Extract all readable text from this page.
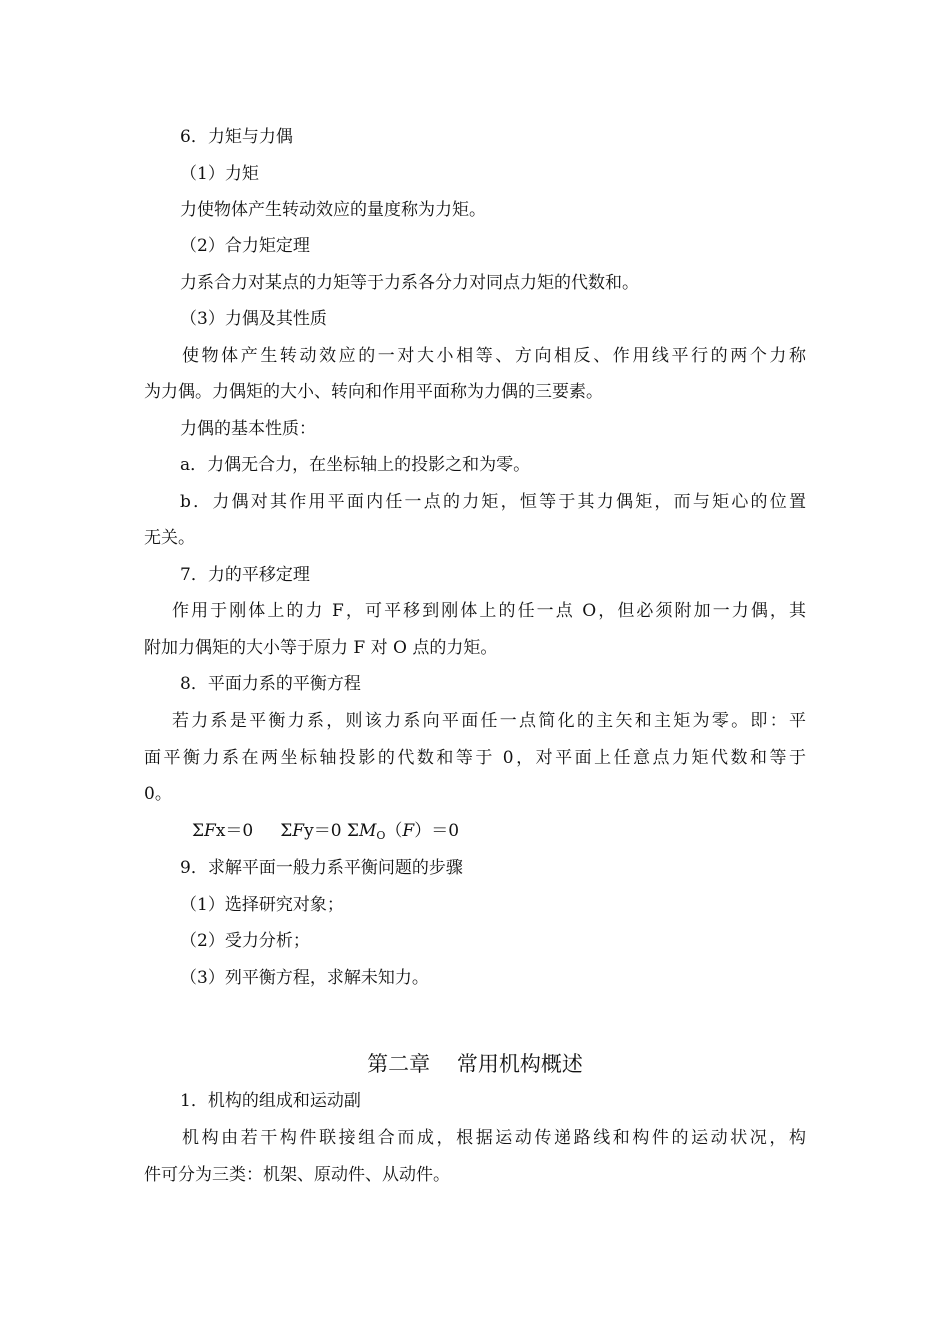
6．力矩与力偶

（1）力矩

力使物体产生转动效应的量度称为力矩。

（2）合力矩定理

力系合力对某点的力矩等于力系各分力对同点力矩的代数和。

（3）力偶及其性质

使物体产生转动效应的一对大小相等、方向相反、作用线平行的两个力称

为力偶。力偶矩的大小、转向和作用平面称为力偶的三要素。

力偶的基本性质：

a．力偶无合力，在坐标轴上的投影之和为零。

b．力偶对其作用平面内任一点的力矩，恒等于其力偶矩，而与矩心的位置

无关。

7．力的平移定理

作用于刚体上的力 F，可平移到刚体上的任一点 O，但必须附加一力偶，其

附加力偶矩的大小等于原力 F 对 O 点的力矩。

8．平面力系的平衡方程

若力系是平衡力系，则该力系向平面任一点简化的主矢和主矩为零。即：平

面平衡力系在两坐标轴投影的代数和等于 0，对平面上任意点力矩代数和等于

0。

ΣFx＝0 ΣFy＝0 $\Sigma M_O(F)=0$

9．求解平面一般力系平衡问题的步骤

（1）选择研究对象；

（2）受力分析；

（3）列平衡方程，求解未知力。

第二章    常用机构概述

1．机构的组成和运动副

机构由若干构件联接组合而成，根据运动传递路线和构件的运动状况，构

件可分为三类：机架、原动件、从动件。
